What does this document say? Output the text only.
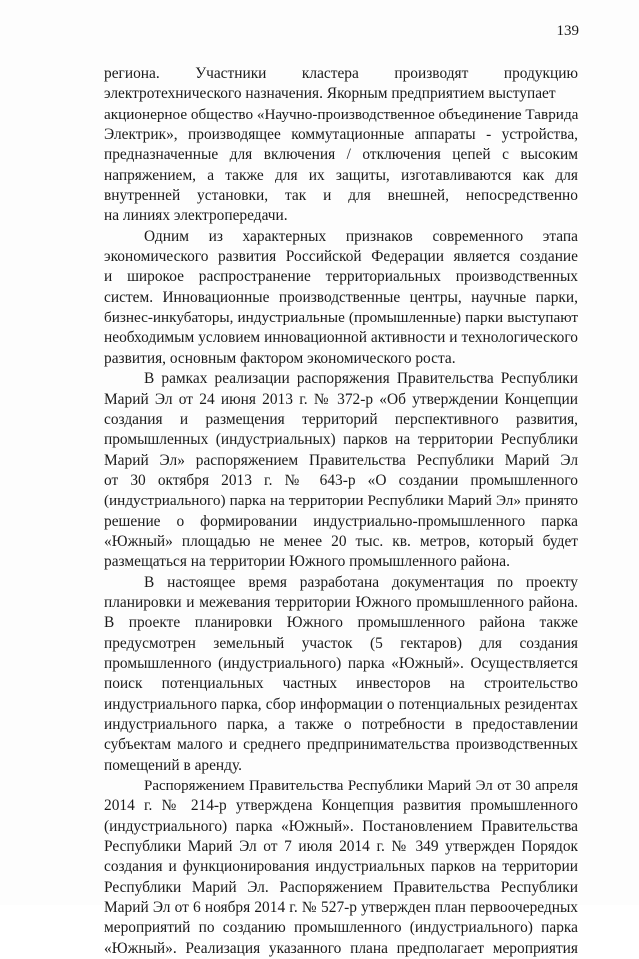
139
региона. Участники кластера производят продукцию
электротехнического назначения. Якорным предприятием выступает
акционерное общество «Научно-производственное объединение Таврида
Электрик», производящее коммутационные аппараты - устройства,
предназначенные для включения / отключения цепей с высоким
напряжением, а также для их защиты, изготавливаются как для
внутренней установки, так и для внешней, непосредственно
на линиях электропередачи.
Одним из характерных признаков современного этапа
экономического развития Российской Федерации является создание
и широкое распространение территориальных производственных
систем. Инновационные производственные центры, научные парки,
бизнес-инкубаторы, индустриальные (промышленные) парки выступают
необходимым условием инновационной активности и технологического
развития, основным фактором экономического роста.
В рамках реализации распоряжения Правительства Республики
Марий Эл от 24 июня 2013 г. № 372-р «Об утверждении Концепции
создания и размещения территорий перспективного развития,
промышленных (индустриальных) парков на территории Республики
Марий Эл» распоряжением Правительства Республики Марий Эл
от 30 октября 2013 г. № 643-р «О создании промышленного
(индустриального) парка на территории Республики Марий Эл» принято
решение о формировании индустриально-промышленного парка
«Южный» площадью не менее 20 тыс. кв. метров, который будет
размещаться на территории Южного промышленного района.
В настоящее время разработана документация по проекту
планировки и межевания территории Южного промышленного района.
В проекте планировки Южного промышленного района также
предусмотрен земельный участок (5 гектаров) для создания
промышленного (индустриального) парка «Южный». Осуществляется
поиск потенциальных частных инвесторов на строительство
индустриального парка, сбор информации о потенциальных резидентах
индустриального парка, а также о потребности в предоставлении
субъектам малого и среднего предпринимательства производственных
помещений в аренду.
Распоряжением Правительства Республики Марий Эл от 30 апреля
2014 г. № 214-р утверждена Концепция развития промышленного
(индустриального) парка «Южный». Постановлением Правительства
Республики Марий Эл от 7 июля 2014 г. № 349 утвержден Порядок
создания и функционирования индустриальных парков на территории
Республики Марий Эл. Распоряжением Правительства Республики
Марий Эл от 6 ноября 2014 г. № 527-р утвержден план первоочередных
мероприятий по созданию промышленного (индустриального) парка
«Южный». Реализация указанного плана предполагает мероприятия
